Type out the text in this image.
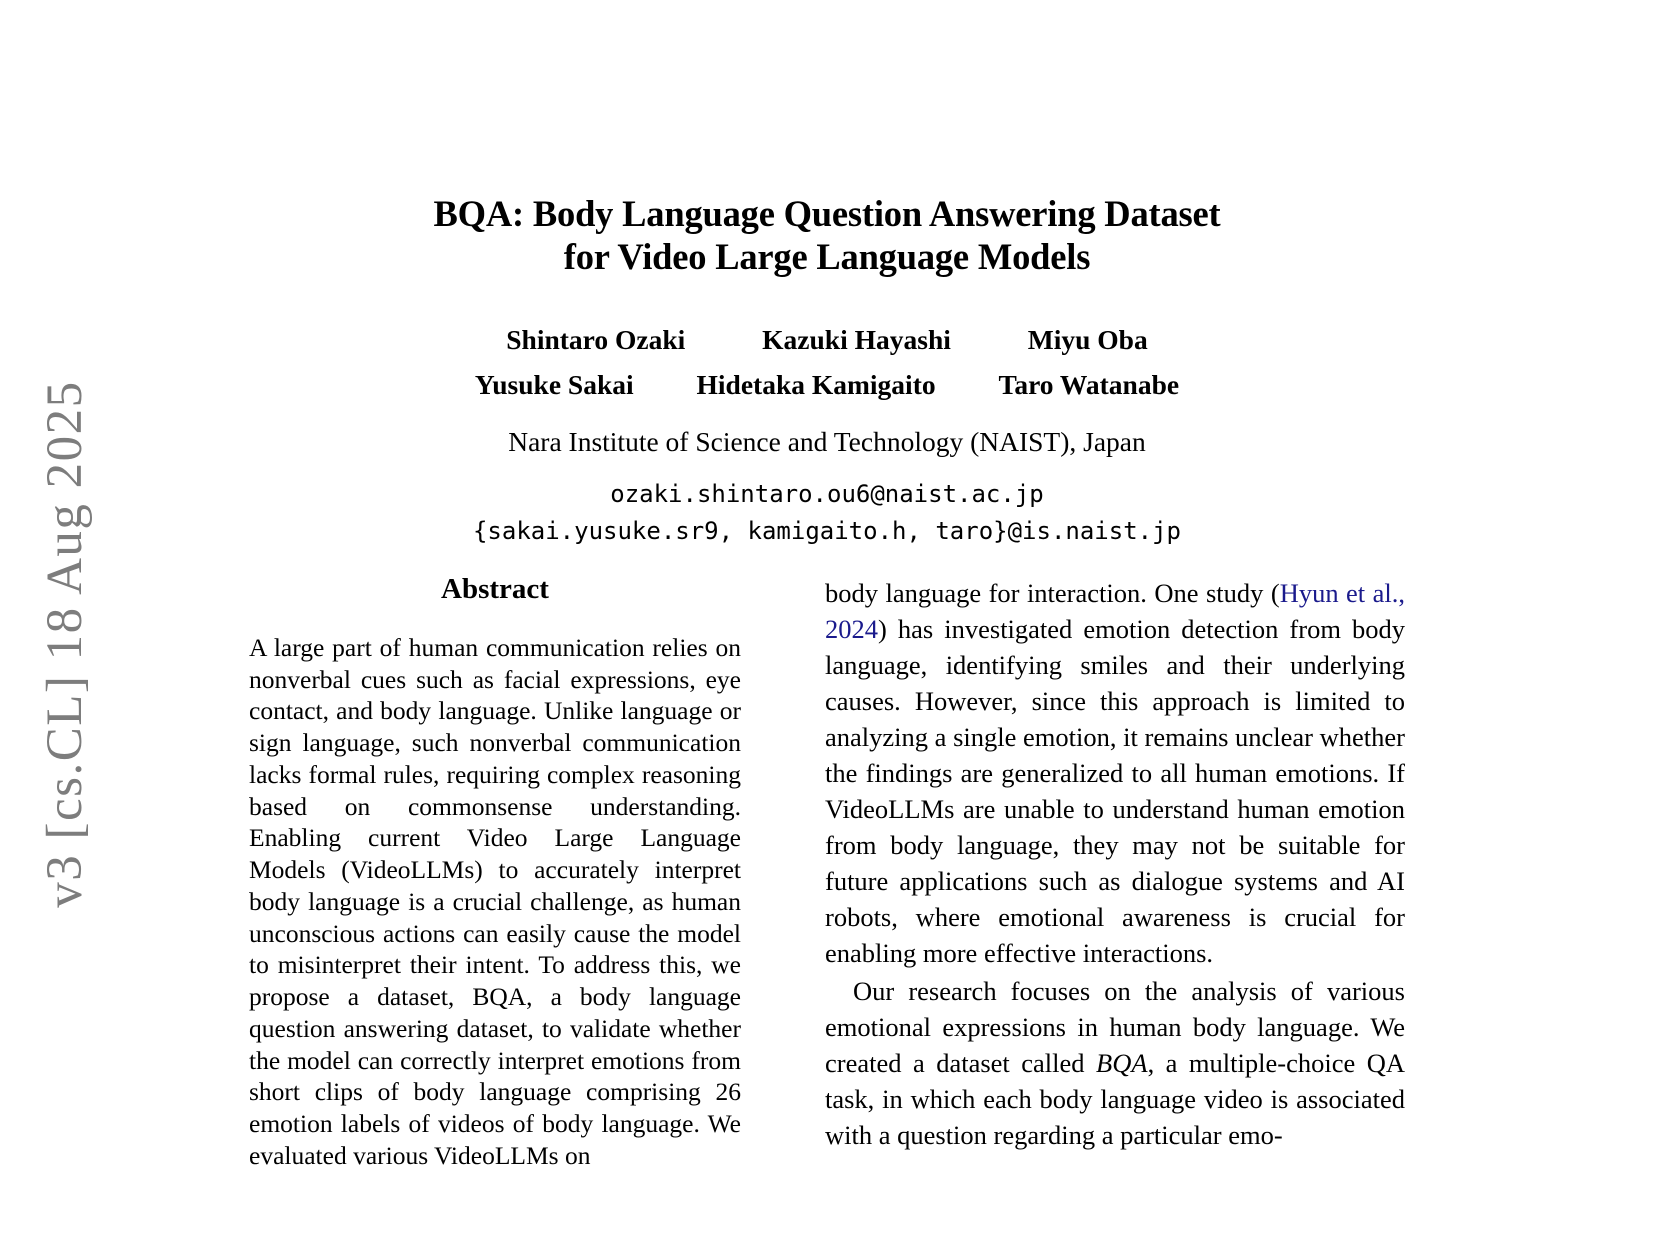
v3 [cs.CL] 18 Aug 2025
BQA: Body Language Question Answering Dataset
for Video Large Language Models
Shintaro Ozaki	Kazuki Hayashi	Miyu Oba
Yusuke Sakai Hidetaka Kamigaito Taro Watanabe
Nara Institute of Science and Technology (NAIST), Japan
ozaki.shintaro.ou6@naist.ac.jp
{sakai.yusuke.sr9, kamigaito.h, taro}@is.naist.jp
Abstract

A large part of human communication relies on nonverbal cues such as facial expressions, eye contact, and body language. Unlike language or sign language, such nonverbal communication lacks formal rules, requiring complex reasoning based on commonsense understanding. Enabling current Video Large Language Models (VideoLLMs) to accurately interpret body language is a crucial challenge, as human unconscious actions can easily cause the model to misinterpret their intent. To address this, we propose a dataset, BQA, a body language question answering dataset, to validate whether the model can correctly interpret emotions from short clips of body language comprising 26 emotion labels of videos of body language. We evaluated various VideoLLMs on

body language for interaction. One study (Hyun et al., 2024) has investigated emotion detection from body language, identifying smiles and their underlying causes. However, since this approach is limited to analyzing a single emotion, it remains unclear whether the findings are generalized to all human emotions. If VideoLLMs are unable to understand human emotion from body language, they may not be suitable for future applications such as dialogue systems and AI robots, where emotional awareness is crucial for enabling more effective interactions.

Our research focuses on the analysis of various emotional expressions in human body language. We created a dataset called BQA, a multiple-choice QA task, in which each body language video is associated with a question regarding a particular emo-
